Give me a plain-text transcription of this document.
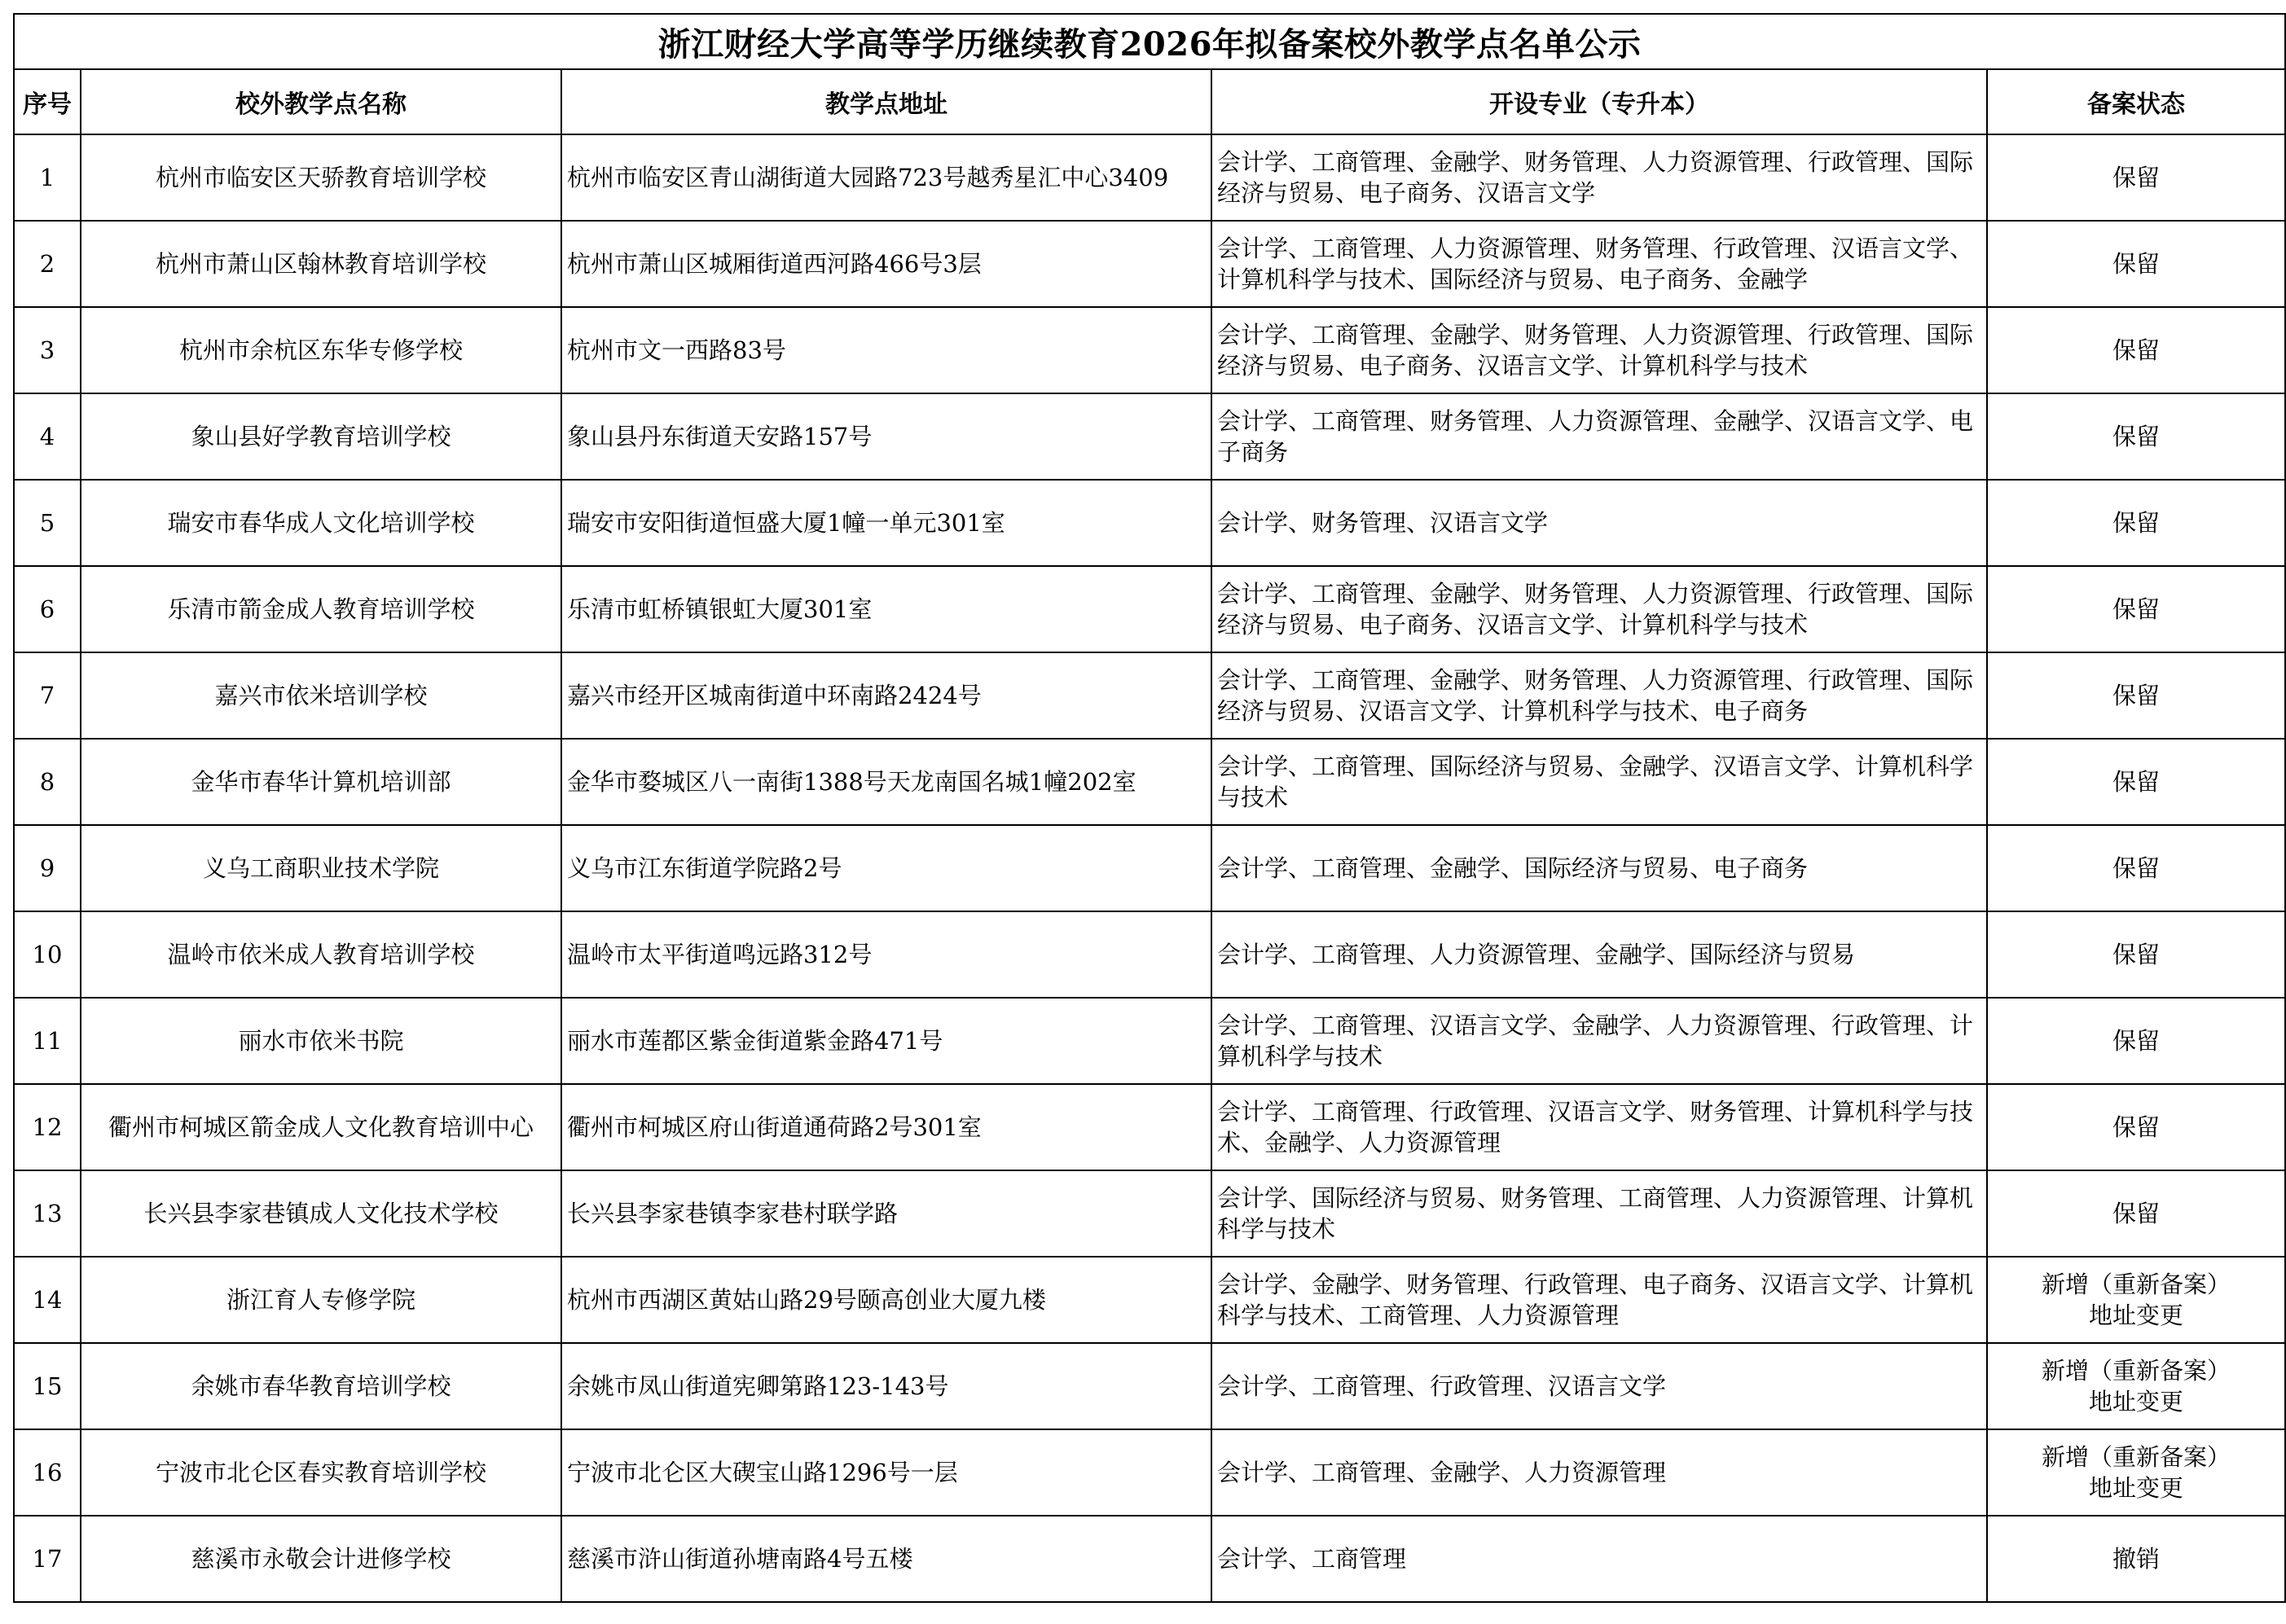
浙江财经大学高等学历继续教育2026年拟备案校外教学点名单公示				
序号	校外教学点名称	教学点地址	开设专业（专升本）	备案状态
1	杭州市临安区天骄教育培训学校	杭州市临安区青山湖街道大园路723号越秀星汇中心3409	会计学、工商管理、金融学、财务管理、人力资源管理、行政管理、国际经济与贸易、电子商务、汉语言文学	保留

2	杭州市萧山区翰林教育培训学校	杭州市萧山区城厢街道西河路466号3层	会计学、工商管理、人力资源管理、财务管理、行政管理、汉语言文学、计算机科学与技术、国际经济与贸易、电子商务、金融学	保留

3	杭州市余杭区东华专修学校	杭州市文一西路83号	会计学、工商管理、金融学、财务管理、人力资源管理、行政管理、国际经济与贸易、电子商务、汉语言文学、计算机科学与技术	保留

4	象山县好学教育培训学校	象山县丹东街道天安路157号	会计学、工商管理、财务管理、人力资源管理、金融学、汉语言文学、电子商务	保留

5	瑞安市春华成人文化培训学校	瑞安市安阳街道恒盛大厦1幢一单元301室	会计学、财务管理、汉语言文学	保留

6	乐清市箭金成人教育培训学校	乐清市虹桥镇银虹大厦301室	会计学、工商管理、金融学、财务管理、人力资源管理、行政管理、国际经济与贸易、电子商务、汉语言文学、计算机科学与技术	保留

7	嘉兴市依米培训学校	嘉兴市经开区城南街道中环南路2424号	会计学、工商管理、金融学、财务管理、人力资源管理、行政管理、国际经济与贸易、汉语言文学、计算机科学与技术、电子商务	保留

8	金华市春华计算机培训部	金华市婺城区八一南街1388号天龙南国名城1幢202室	会计学、工商管理、国际经济与贸易、金融学、汉语言文学、计算机科学与技术	保留

9	义乌工商职业技术学院	义乌市江东街道学院路2号	会计学、工商管理、金融学、国际经济与贸易、电子商务	保留

10	温岭市依米成人教育培训学校	温岭市太平街道鸣远路312号	会计学、工商管理、人力资源管理、金融学、国际经济与贸易	保留

11	丽水市依米书院	丽水市莲都区紫金街道紫金路471号	会计学、工商管理、汉语言文学、金融学、人力资源管理、行政管理、计算机科学与技术	保留

12	衢州市柯城区箭金成人文化教育培训中心	衢州市柯城区府山街道通荷路2号301室	会计学、工商管理、行政管理、汉语言文学、财务管理、计算机科学与技术、金融学、人力资源管理	保留

13	长兴县李家巷镇成人文化技术学校	长兴县李家巷镇李家巷村联学路	会计学、国际经济与贸易、财务管理、工商管理、人力资源管理、计算机科学与技术	保留

14	浙江育人专修学院	杭州市西湖区黄姑山路29号颐高创业大厦九楼	会计学、金融学、财务管理、行政管理、电子商务、汉语言文学、计算机科学与技术、工商管理、人力资源管理	新增（重新备案）
地址变更

15	余姚市春华教育培训学校	余姚市凤山街道宪卿第路123-143号	会计学、工商管理、行政管理、汉语言文学	新增（重新备案）
地址变更

16	宁波市北仑区春实教育培训学校	宁波市北仑区大碶宝山路1296号一层	会计学、工商管理、金融学、人力资源管理	新增（重新备案）
地址变更

17	慈溪市永敬会计进修学校	慈溪市浒山街道孙塘南路4号五楼	会计学、工商管理	撤销
